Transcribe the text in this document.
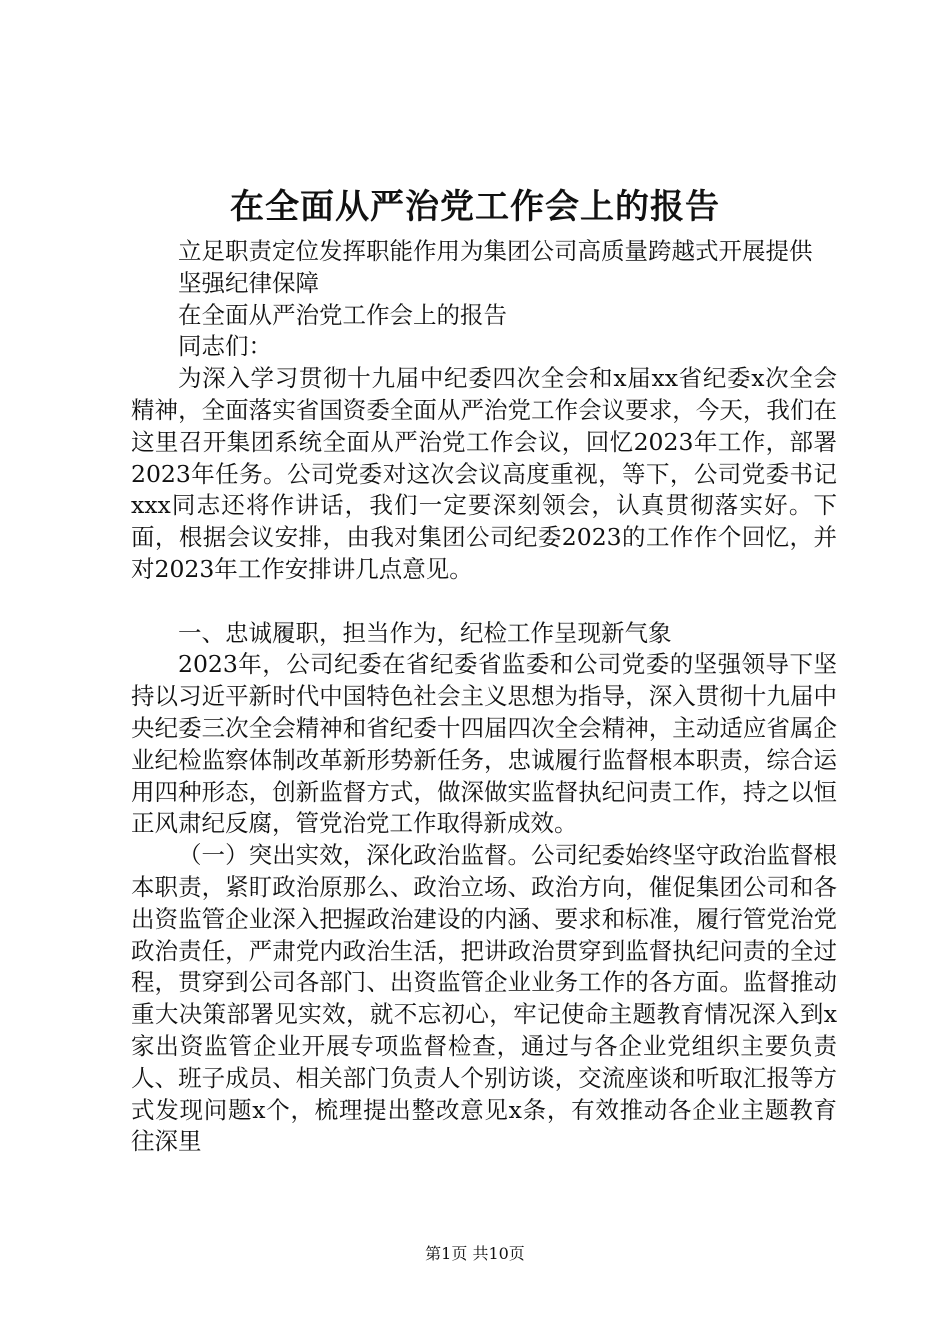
在全面从严治党工作会上的报告

立足职责定位发挥职能作用为集团公司高质量跨越式开展提供

坚强纪律保障

在全面从严治党工作会上的报告

同志们：

为深入学习贯彻十九届中纪委四次全会和x届xx省纪委x次全会精神，全面落实省国资委全面从严治党工作会议要求，今天，我们在这里召开集团系统全面从严治党工作会议，回忆2023年工作，部署2023年任务。公司党委对这次会议高度重视，等下，公司党委书记xxx同志还将作讲话，我们一定要深刻领会，认真贯彻落实好。下面，根据会议安排，由我对集团公司纪委2023的工作作个回忆，并对2023年工作安排讲几点意见。

一、忠诚履职，担当作为，纪检工作呈现新气象

2023年，公司纪委在省纪委省监委和公司党委的坚强领导下坚持以习近平新时代中国特色社会主义思想为指导，深入贯彻十九届中央纪委三次全会精神和省纪委十四届四次全会精神，主动适应省属企业纪检监察体制改革新形势新任务，忠诚履行监督根本职责，综合运用四种形态，创新监督方式，做深做实监督执纪问责工作，持之以恒正风肃纪反腐，管党治党工作取得新成效。

（一）突出实效，深化政治监督。公司纪委始终坚守政治监督根本职责，紧盯政治原那么、政治立场、政治方向，催促集团公司和各出资监管企业深入把握政治建设的内涵、要求和标准，履行管党治党政治责任，严肃党内政治生活，把讲政治贯穿到监督执纪问责的全过程，贯穿到公司各部门、出资监管企业业务工作的各方面。监督推动重大决策部署见实效，就不忘初心，牢记使命主题教育情况深入到x家出资监管企业开展专项监督检查，通过与各企业党组织主要负责人、班子成员、相关部门负责人个别访谈，交流座谈和听取汇报等方式发现问题x个，梳理提出整改意见x条，有效推动各企业主题教育往深里

第1页 共10页
